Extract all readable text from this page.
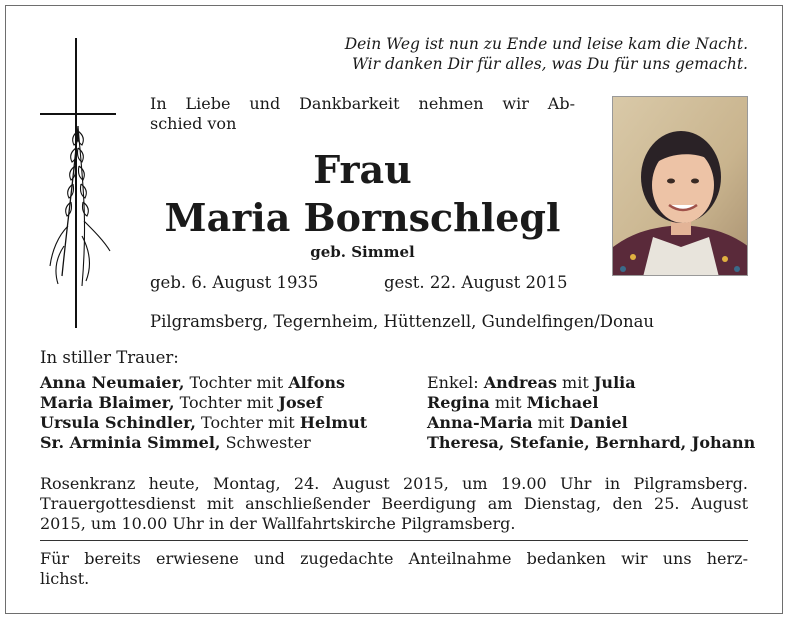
Dein Weg ist nun zu Ende und leise kam die Nacht.
Wir danken Dir für alles, was Du für uns gemacht.
In Liebe und Dankbarkeit nehmen wir Ab-
schied von
Frau
Maria Bornschlegl
geb. Simmel
geb. 6. August 1935	gest. 22. August 2015
Pilgramsberg, Tegernheim, Hüttenzell, Gundelfingen/Donau
In stiller Trauer:
Anna Neumaier, Tochter mit Alfons
Maria Blaimer, Tochter mit Josef
Ursula Schindler, Tochter mit Helmut
Sr. Arminia Simmel, Schwester
Enkel: Andreas mit Julia
Regina mit Michael
Anna-Maria mit Daniel
Theresa, Stefanie, Bernhard, Johann
Rosenkranz heute, Montag, 24. August 2015, um 19.00 Uhr in Pilgramsberg.
Trauergottesdienst mit anschließender Beerdigung am Dienstag, den 25. August
2015, um 10.00 Uhr in der Wallfahrtskirche Pilgramsberg.
Für bereits erwiesene und zugedachte Anteilnahme bedanken wir uns herz-
lichst.
